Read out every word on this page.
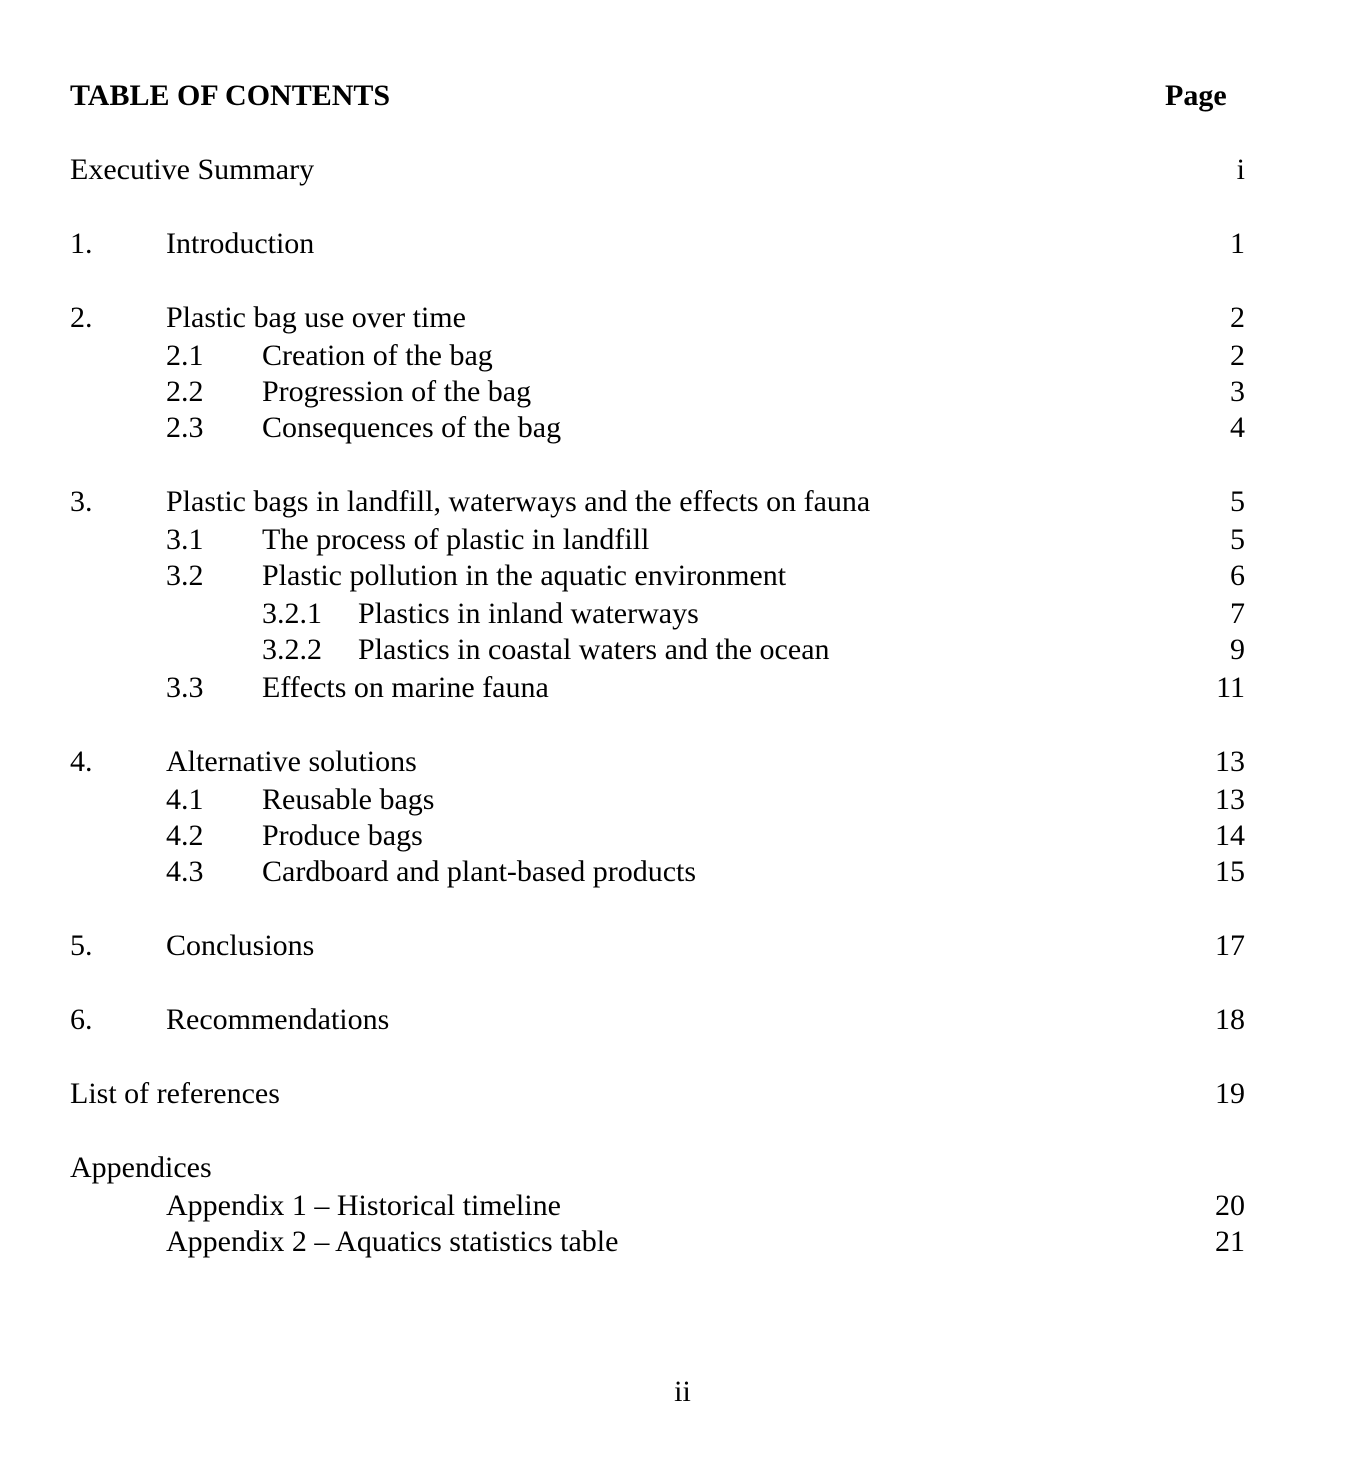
TABLE OF CONTENTS	Page
Executive Summary	i
1. Introduction	1
2. Plastic bag use over time	2
2.1 Creation of the bag	2
2.2 Progression of the bag	3
2.3 Consequences of the bag	4
3. Plastic bags in landfill, waterways and the effects on fauna	5
3.1 The process of plastic in landfill	5
3.2 Plastic pollution in the aquatic environment	6
3.2.1 Plastics in inland waterways	7
3.2.2 Plastics in coastal waters and the ocean	9
3.3 Effects on marine fauna	11
4. Alternative solutions	13
4.1 Reusable bags	13
4.2 Produce bags	14
4.3 Cardboard and plant-based products	15
5. Conclusions	17
6. Recommendations	18
List of references	19
Appendices
Appendix 1 – Historical timeline	20
Appendix 2 – Aquatics statistics table	21
ii
